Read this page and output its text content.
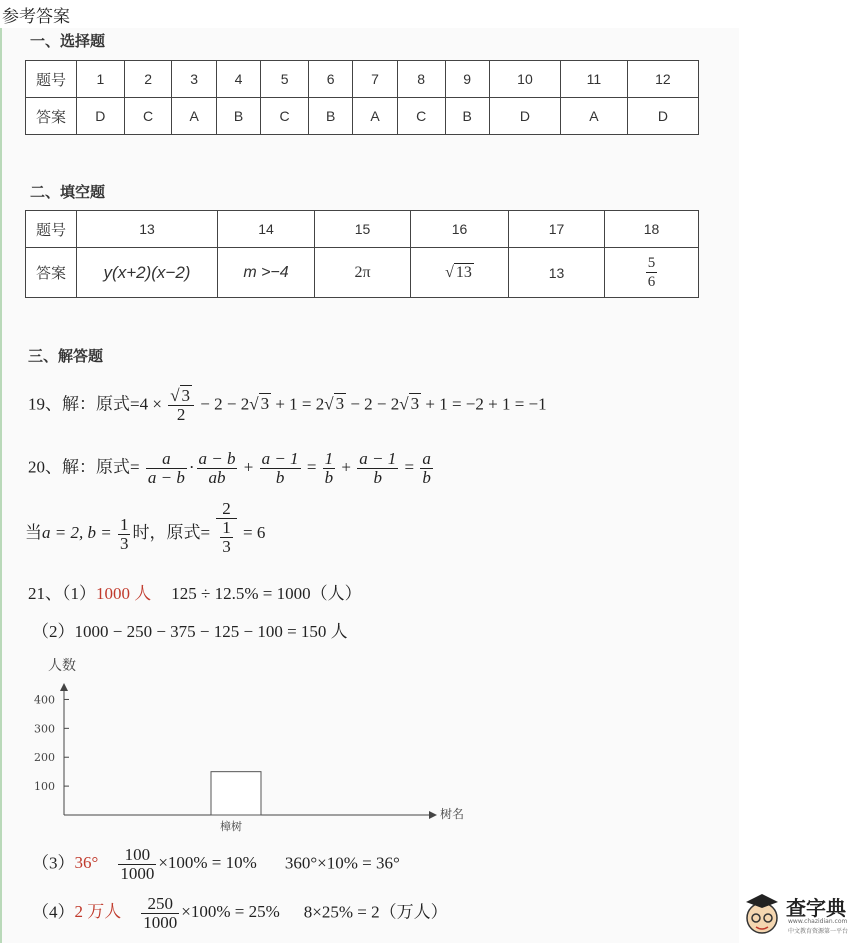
参考答案
一、选择题
题号	1	2	3	4	5	6	7	8	9	10	11	12
答案	D	C	A	B	C	B	A	C	B	D	A	D
二、填空题
题号	13	14	15	16	17	18
答案	y(x+2)(x−2)	m >−4	2π	√ 13	13	$\frac{5}{6}$
三、解答题
19、解：原式$=4 \times \frac{√ 3}{2} - 2 - 2√$ 3 + 1 = 2√ 3 − 2 − 2√ 3 + 1 = −2 + 1 = −1
20、解：原式= $\frac{a}{a - b} \cdot \frac{a - b}{ab} + \frac{a - 1}{b} = \frac{1}{b} + \frac{a - 1}{b} = \frac{a}{b}$
当a = 2, $b = \frac{1}{3}$ 时，原式= 2
1
3 = 6
21、（1）1000 人 125 ÷ 12.5% = 1000（人）
（2）1000 − 250 − 375 − 125 − 100 = 150 人
人数
400
300
200
100
樟树
树名
$(3)36^\circ \frac{100}{1000} \times 100\% = 10\%$ 360°×10% = 36°
（4）2 万人 $\frac{250}{1000} \times 100\% = 25\%$ 8×25% = 2（万人）	查字典
www.chazidian.com
中文教育资源第一平台
